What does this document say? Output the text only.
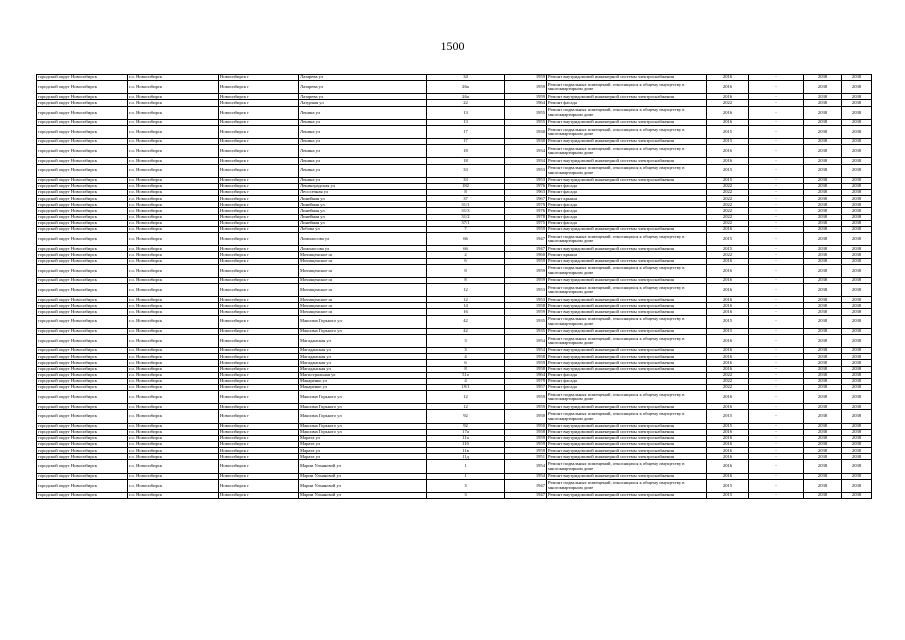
1500
городской округ Новосибирск	г.о. Новосибирск	Новосибирск г	Лазарева ул	34	1959	Ремонт внутридомовой инженерной системы электроснабжения	2016	-	2038	2038
городской округ Новосибирск	г.о. Новосибирск	Новосибирск г	Лазарева ул	26а	1959	Ремонт подвальных помещений, относящихся к общему имуществу в многоквартирном доме	2016	-	2038	2038
городской округ Новосибирск	г.о. Новосибирск	Новосибирск г	Лазарева ул	26а	1959	Ремонт внутридомовой инженерной системы электроснабжения	2016	-	2038	2038
городской округ Новосибирск	г.о. Новосибирск	Новосибирск г	Лазурная ул	22	1964	Ремонт фасада	2022	-	2038	2038
городской округ Новосибирск	г.о. Новосибирск	Новосибирск г	Ленина ул	13	1955	Ремонт подвальных помещений, относящихся к общему имуществу в многоквартирном доме	2016	-	2038	2038
городской округ Новосибирск	г.о. Новосибирск	Новосибирск г	Ленина ул	13	1955	Ремонт внутридомовой инженерной системы электроснабжения	2016	-	2038	2038
городской округ Новосибирск	г.о. Новосибирск	Новосибирск г	Ленина ул	17	1930	Ремонт подвальных помещений, относящихся к общему имуществу в многоквартирном доме	2015	-	2038	2038
городской округ Новосибирск	г.о. Новосибирск	Новосибирск г	Ленина ул	17	1930	Ремонт внутридомовой инженерной системы электроснабжения	2015	-	2038	2038
городской округ Новосибирск	г.о. Новосибирск	Новосибирск г	Ленина ул	18	1934	Ремонт подвальных помещений, относящихся к общему имуществу в многоквартирном доме	2016	-	2038	2038
городской округ Новосибирск	г.о. Новосибирск	Новосибирск г	Ленина ул	18	1934	Ремонт внутридомовой инженерной системы электроснабжения	2016	-	2038	2038
городской округ Новосибирск	г.о. Новосибирск	Новосибирск г	Ленина ул	33	1953	Ремонт подвальных помещений, относящихся к общему имуществу в многоквартирном доме	2015	-	2038	2038
городской округ Новосибирск	г.о. Новосибирск	Новосибирск г	Ленина ул	33	1953	Ремонт внутридомовой инженерной системы электроснабжения	2015	-	2038	2038
городской округ Новосибирск	г.о. Новосибирск	Новосибирск г	Ленинградская ул	182	1976	Ремонт фасада	2022	-	2038	2038
городской округ Новосибирск	г.о. Новосибирск	Новосибирск г	Лесосечная ул	8	1963	Ремонт фасада	2022	-	2038	2038
городской округ Новосибирск	г.о. Новосибирск	Новосибирск г	Линейная ул	37	1967	Ремонт крыши	2022	-	2038	2038
городской округ Новосибирск	г.о. Новосибирск	Новосибирск г	Линейная ул	31/1	1979	Ремонт фасада	2022	-	2038	2038
городской округ Новосибирск	г.о. Новосибирск	Новосибирск г	Линейная ул	31/3	1976	Ремонт фасада	2022	-	2038	2038
городской округ Новосибирск	г.о. Новосибирск	Новосибирск г	Линейная ул	31/2	1978	Ремонт фасада	2022	-	2038	2038
городской округ Новосибирск	г.о. Новосибирск	Новосибирск г	Линейная ул	37/1	1975	Ремонт фасада	2022	-	2038	2038
городской округ Новосибирск	г.о. Новосибирск	Новосибирск г	Лобова ул	7	1959	Ремонт внутридомовой инженерной системы электроснабжения	2016	-	2038	2038
городской округ Новосибирск	г.о. Новосибирск	Новосибирск г	Ломоносова ул	66	1947	Ремонт подвальных помещений, относящихся к общему имуществу в многоквартирном доме	2015	-	2038	2038
городской округ Новосибирск	г.о. Новосибирск	Новосибирск г	Ломоносова ул	66	1947	Ремонт внутридомовой инженерной системы электроснабжения	2015	-	2038	2038
городской округ Новосибирск	г.о. Новосибирск	Новосибирск г	Мочищенское ш	2	1960	Ремонт крыши	2022	-	2038	2038
городской округ Новосибирск	г.о. Новосибирск	Новосибирск г	Мочищенское ш	6	1959	Ремонт внутридомовой инженерной системы электроснабжения	2016	-	2038	2038
городской округ Новосибирск	г.о. Новосибирск	Новосибирск г	Мочищенское ш	8	1959	Ремонт подвальных помещений, относящихся к общему имуществу в многоквартирном доме	2016	-	2038	2038
городской округ Новосибирск	г.о. Новосибирск	Новосибирск г	Мочищенское ш	8	1959	Ремонт внутридомовой инженерной системы электроснабжения	2016	-	2038	2038
городской округ Новосибирск	г.о. Новосибирск	Новосибирск г	Мочищенское ш	12	1953	Ремонт подвальных помещений, относящихся к общему имуществу в многоквартирном доме	2016	-	2038	2038
городской округ Новосибирск	г.о. Новосибирск	Новосибирск г	Мочищенское ш	12	1953	Ремонт внутридомовой инженерной системы электроснабжения	2016	-	2038	2038
городской округ Новосибирск	г.о. Новосибирск	Новосибирск г	Мочищенское ш	14	1958	Ремонт внутридомовой инженерной системы электроснабжения	2016	-	2038	2038
городской округ Новосибирск	г.о. Новосибирск	Новосибирск г	Мочищенское ш	16	1959	Ремонт внутридомовой инженерной системы электроснабжения	2016	-	2038	2038
городской округ Новосибирск	г.о. Новосибирск	Новосибирск г	Максима Горького ул	42	1935	Ремонт подвальных помещений, относящихся к общему имуществу в многоквартирном доме	2015	-	2038	2038
городской округ Новосибирск	г.о. Новосибирск	Новосибирск г	Максима Горького ул	42	1935	Ремонт внутридомовой инженерной системы электроснабжения	2015	-	2038	2038
городской округ Новосибирск	г.о. Новосибирск	Новосибирск г	Магаданская ул	3	1954	Ремонт подвальных помещений, относящихся к общему имуществу в многоквартирном доме	2016	-	2038	2038
городской округ Новосибирск	г.о. Новосибирск	Новосибирск г	Магаданская ул	3	1954	Ремонт внутридомовой инженерной системы электроснабжения	2016	-	2038	2038
городской округ Новосибирск	г.о. Новосибирск	Новосибирск г	Магаданская ул	4	1958	Ремонт внутридомовой инженерной системы электроснабжения	2016	-	2038	2038
городской округ Новосибирск	г.о. Новосибирск	Новосибирск г	Магаданская ул	6	1959	Ремонт внутридомовой инженерной системы электроснабжения	2016	-	2038	2038
городской округ Новосибирск	г.о. Новосибирск	Новосибирск г	Магаданская ул	8	1958	Ремонт внутридомовой инженерной системы электроснабжения	2016	-	2038	2038
городской округ Новосибирск	г.о. Новосибирск	Новосибирск г	Магистральная ул	51а	1964	Ремонт фасада	2022	-	2038	2038
городской округ Новосибирск	г.о. Новосибирск	Новосибирск г	Макаренко ул	4	1979	Ремонт фасада	2022	-	2038	2038
городской округ Новосибирск	г.о. Новосибирск	Новосибирск г	Макаренко ул	19/1	1957	Ремонт фасада	2022	-	2038	2038
городской округ Новосибирск	г.о. Новосибирск	Новосибирск г	Максима Горького ул	12	1959	Ремонт подвальных помещений, относящихся к общему имуществу в многоквартирном доме	2016	-	2038	2038
городской округ Новосибирск	г.о. Новосибирск	Новосибирск г	Максима Горького ул	12	1959	Ремонт внутридомовой инженерной системы электроснабжения	2016	-	2038	2038
городской округ Новосибирск	г.о. Новосибирск	Новосибирск г	Максима Горького ул	92	1950	Ремонт подвальных помещений, относящихся к общему имуществу в многоквартирном доме	2015	-	2038	2038
городской округ Новосибирск	г.о. Новосибирск	Новосибирск г	Максима Горького ул	92	1950	Ремонт внутридомовой инженерной системы электроснабжения	2015	-	2038	2038
городской округ Новосибирск	г.о. Новосибирск	Новосибирск г	Максима Горького ул	17а	1958	Ремонт внутридомовой инженерной системы электроснабжения	2016	-	2038	2038
городской округ Новосибирск	г.о. Новосибирск	Новосибирск г	Марата ул	11а	1959	Ремонт внутридомовой инженерной системы электроснабжения	2016	-	2038	2038
городской округ Новосибирск	г.о. Новосибирск	Новосибирск г	Марата ул	11б	1959	Ремонт внутридомовой инженерной системы электроснабжения	2016	-	2038	2038
городской округ Новосибирск	г.о. Новосибирск	Новосибирск г	Марата ул	11в	1959	Ремонт внутридомовой инженерной системы электроснабжения	2016	-	2038	2038
городской округ Новосибирск	г.о. Новосибирск	Новосибирск г	Марата ул	11д	1951	Ремонт внутридомовой инженерной системы электроснабжения	2016	-	2038	2038
городской округ Новосибирск	г.о. Новосибирск	Новосибирск г	Марии Ульяновой ул	1	1954	Ремонт подвальных помещений, относящихся к общему имуществу в многоквартирном доме	2016	-	2038	2038
городской округ Новосибирск	г.о. Новосибирск	Новосибирск г	Марии Ульяновой ул	1	1954	Ремонт внутридомовой инженерной системы электроснабжения	2016	-	2038	2038
городской округ Новосибирск	г.о. Новосибирск	Новосибирск г	Марии Ульяновой ул	3	1947	Ремонт подвальных помещений, относящихся к общему имуществу в многоквартирном доме	2015	-	2038	2038
городской округ Новосибирск	г.о. Новосибирск	Новосибирск г	Марии Ульяновой ул	3	1947	Ремонт внутридомовой инженерной системы электроснабжения	2015	-	2038	2038
